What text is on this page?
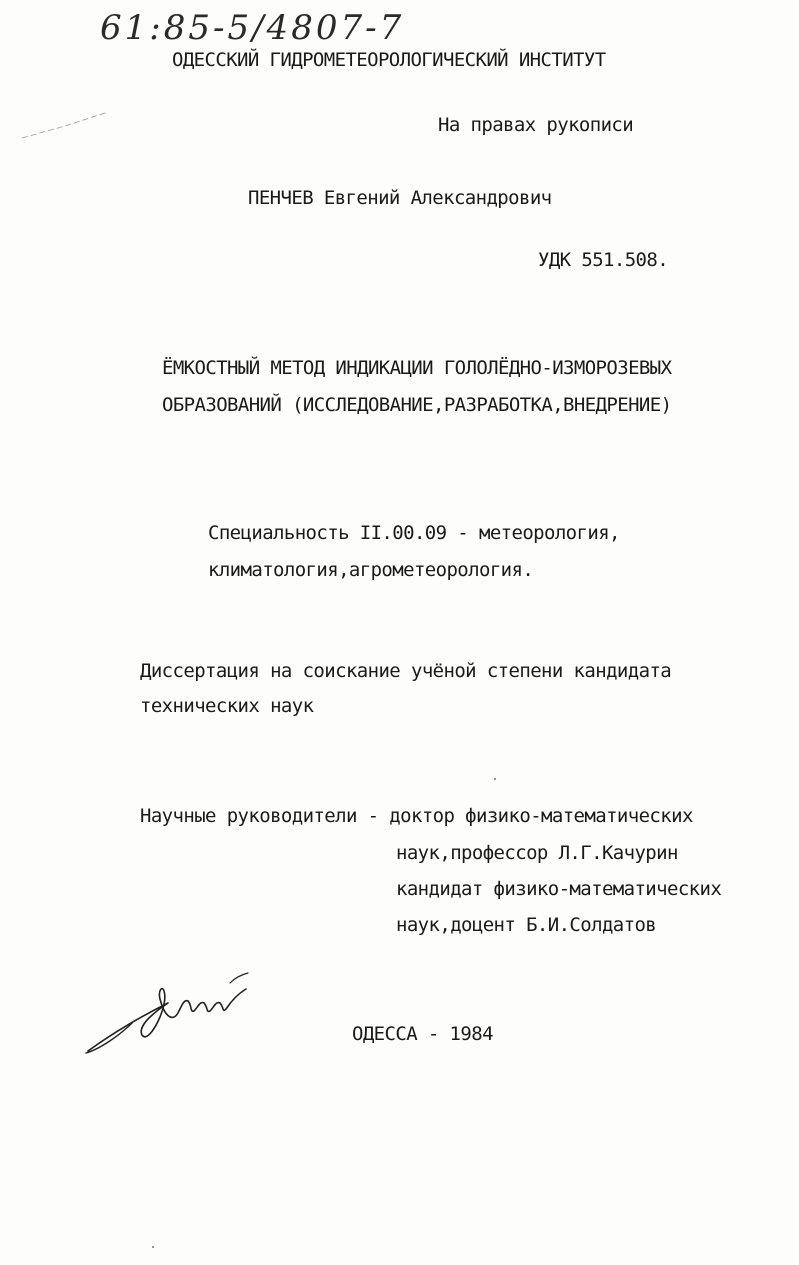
61:85-5/4807-7
ОДЕССКИЙ ГИДРОМЕТЕОРОЛОГИЧЕСКИЙ ИНСТИТУТ
На правах рукописи
ПЕНЧЕВ Евгений Александрович
УДК 551.508.
ЁМКОСТНЫЙ МЕТОД ИНДИКАЦИИ ГОЛОЛЁДНО-ИЗМОРОЗЕВЫХ
ОБРАЗОВАНИЙ (ИССЛЕДОВАНИЕ,РАЗРАБОТКА,ВНЕДРЕНИЕ)
Специальность II.00.09 - метеорология,
климатология,агрометеорология.
Диссертация на соискание учёной степени кандидата
технических наук
Научные руководители - доктор физико-математических
наук,профессор Л.Г.Качурин
кандидат физико-математических
наук,доцент Б.И.Солдатов
ОДЕССА - 1984
